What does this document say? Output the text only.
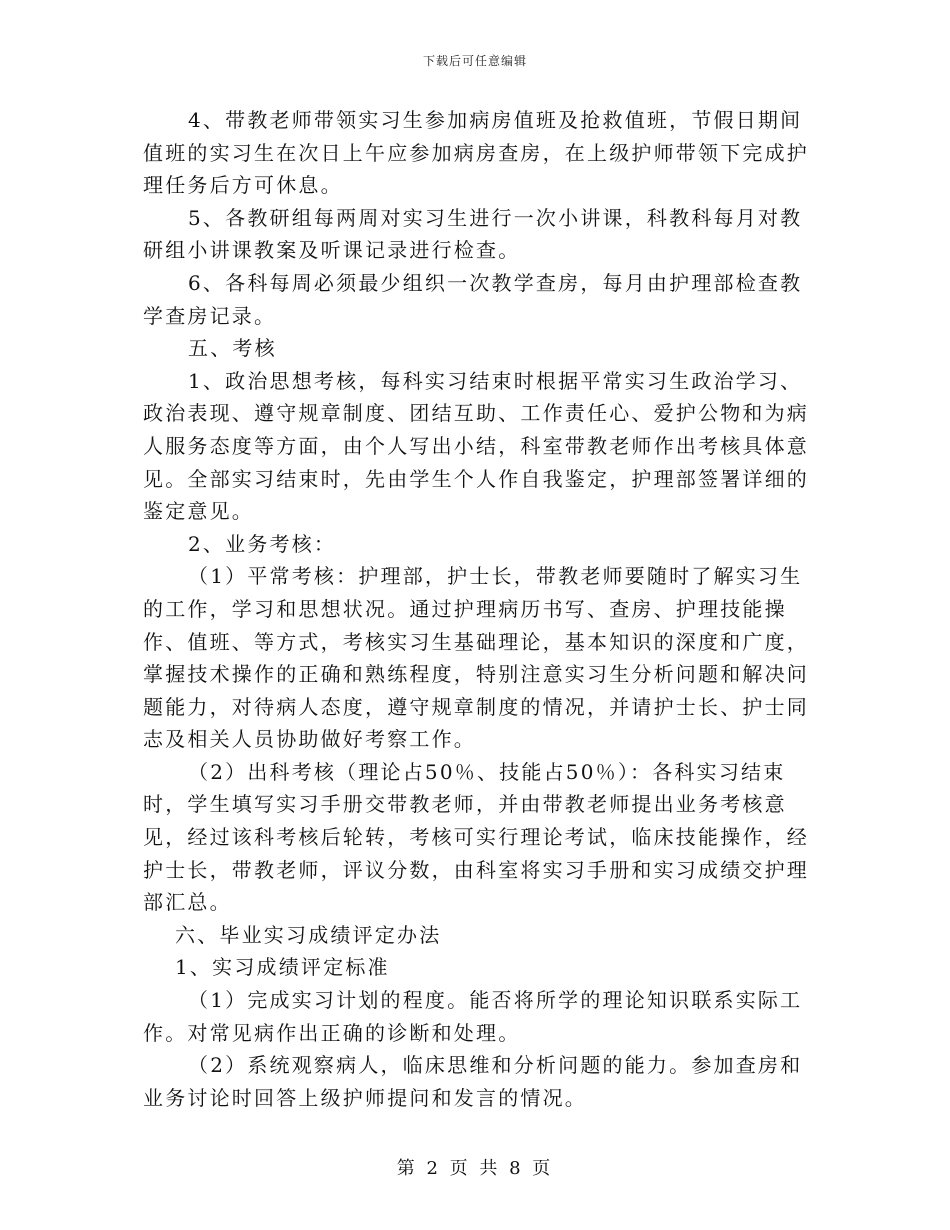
下载后可任意编辑

4、带教老师带领实习生参加病房值班及抢救值班，节假日期间值班的实习生在次日上午应参加病房查房，在上级护师带领下完成护理任务后方可休息。

5、各教研组每两周对实习生进行一次小讲课，科教科每月对教研组小讲课教案及听课记录进行检查。

6、各科每周必须最少组织一次教学查房，每月由护理部检查教学查房记录。

五、考核

1、政治思想考核，每科实习结束时根据平常实习生政治学习、政治表现、遵守规章制度、团结互助、工作责任心、爱护公物和为病人服务态度等方面，由个人写出小结，科室带教老师作出考核具体意见。全部实习结束时，先由学生个人作自我鉴定，护理部签署详细的鉴定意见。

2、业务考核：

（1）平常考核：护理部，护士长，带教老师要随时了解实习生的工作，学习和思想状况。通过护理病历书写、查房、护理技能操作、值班、等方式，考核实习生基础理论，基本知识的深度和广度，掌握技术操作的正确和熟练程度，特别注意实习生分析问题和解决问题能力，对待病人态度，遵守规章制度的情况，并请护士长、护士同志及相关人员协助做好考察工作。

（2）出科考核（理论占50％、技能占50％）：各科实习结束时，学生填写实习手册交带教老师，并由带教老师提出业务考核意见，经过该科考核后轮转，考核可实行理论考试，临床技能操作，经护士长，带教老师，评议分数，由科室将实习手册和实习成绩交护理部汇总。

六、毕业实习成绩评定办法

1、实习成绩评定标准

（1）完成实习计划的程度。能否将所学的理论知识联系实际工作。对常见病作出正确的诊断和处理。

（2）系统观察病人，临床思维和分析问题的能力。参加查房和业务讨论时回答上级护师提问和发言的情况。

第 2 页 共 8 页
